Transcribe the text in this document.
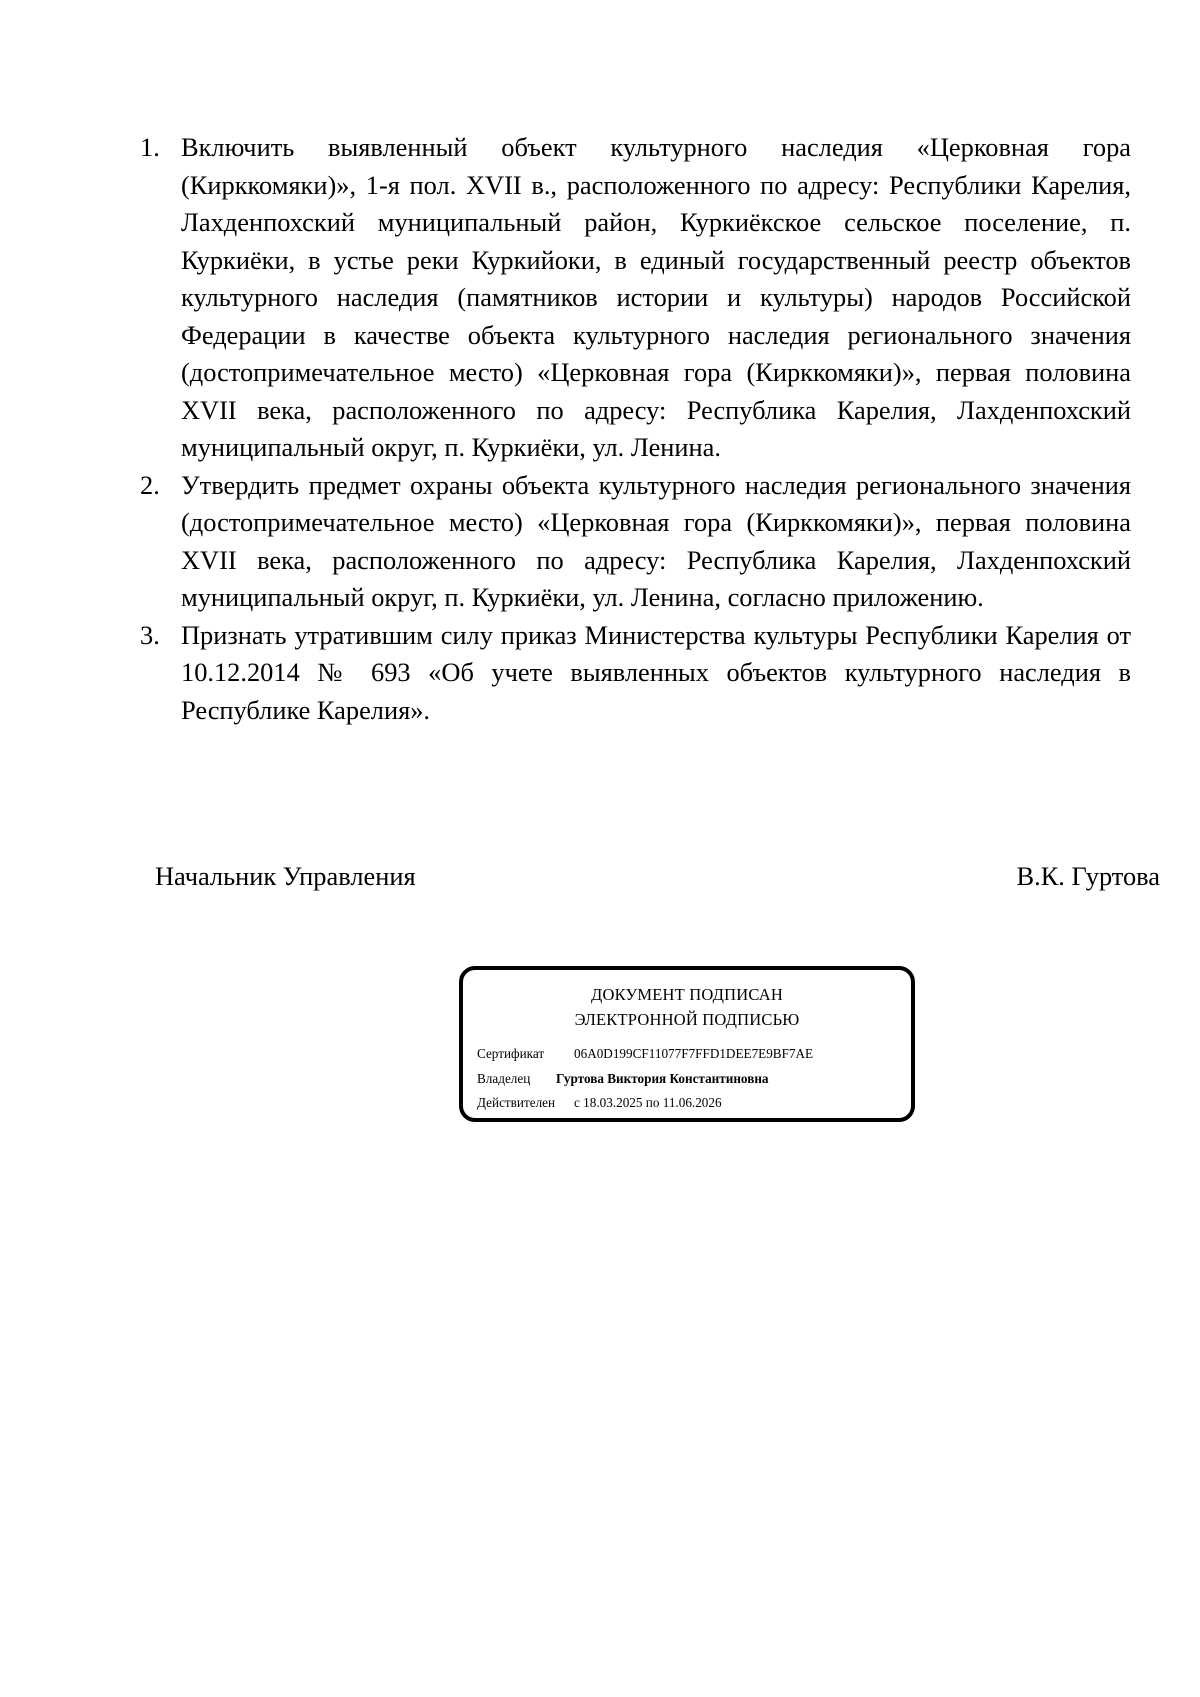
1. Включить выявленный объект культурного наследия «Церковная гора (Кирккомяки)», 1-я пол. XVII в., расположенного по адресу: Республики Карелия, Лахденпохский муниципальный район, Куркиёкское сельское поселение, п. Куркиёки, в устье реки Куркийоки, в единый государственный реестр объектов культурного наследия (памятников истории и культуры) народов Российской Федерации в качестве объекта культурного наследия регионального значения (достопримечательное место) «Церковная гора (Кирккомяки)», первая половина XVII века, расположенного по адресу: Республика Карелия, Лахденпохский муниципальный округ, п. Куркиёки, ул. Ленина.
2. Утвердить предмет охраны объекта культурного наследия регионального значения (достопримечательное место) «Церковная гора (Кирккомяки)», первая половина XVII века, расположенного по адресу: Республика Карелия, Лахденпохский муниципальный округ, п. Куркиёки, ул. Ленина, согласно приложению.
3. Признать утратившим силу приказ Министерства культуры Республики Карелия от 10.12.2014 № 693 «Об учете выявленных объектов культурного наследия в Республике Карелия».
Начальник Управления	В.К. Гуртова
ДОКУМЕНТ ПОДПИСАН
ЭЛЕКТРОННОЙ ПОДПИСЬЮ
Сертификат 06A0D199CF11077F7FFD1DEE7E9BF7AE
Владелец Гуртова Виктория Константиновна
Действителен с 18.03.2025 по 11.06.2026
